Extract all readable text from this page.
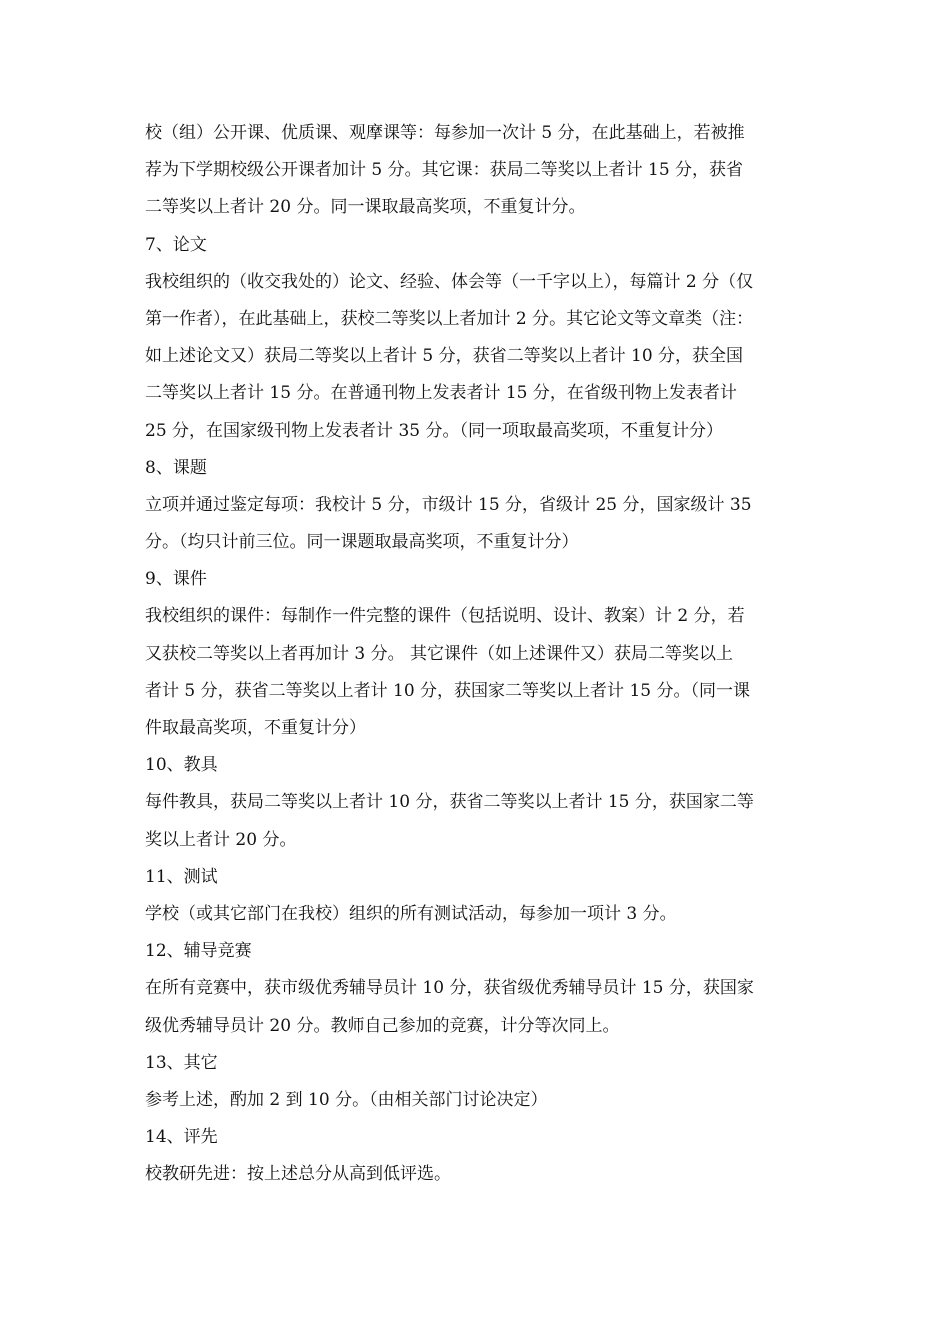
校（组）公开课、优质课、观摩课等：每参加一次计 5 分，在此基础上，若被推
荐为下学期校级公开课者加计 5 分。其它课：获局二等奖以上者计 15 分，获省
二等奖以上者计 20 分。同一课取最高奖项，不重复计分。
7、论文
我校组织的（收交我处的）论文、经验、体会等（一千字以上），每篇计 2 分（仅
第一作者），在此基础上，获校二等奖以上者加计 2 分。其它论文等文章类（注：
如上述论文又）获局二等奖以上者计 5 分，获省二等奖以上者计 10 分，获全国
二等奖以上者计 15 分。在普通刊物上发表者计 15 分，在省级刊物上发表者计
25 分，在国家级刊物上发表者计 35 分。（同一项取最高奖项，不重复计分）
8、课题
立项并通过鉴定每项：我校计 5 分，市级计 15 分，省级计 25 分，国家级计 35
分。（均只计前三位。同一课题取最高奖项，不重复计分）
9、课件
我校组织的课件：每制作一件完整的课件（包括说明、设计、教案）计 2 分，若
又获校二等奖以上者再加计 3 分。 其它课件（如上述课件又）获局二等奖以上
者计 5 分，获省二等奖以上者计 10 分，获国家二等奖以上者计 15 分。（同一课
件取最高奖项，不重复计分）
10、教具
每件教具，获局二等奖以上者计 10 分，获省二等奖以上者计 15 分，获国家二等
奖以上者计 20 分。
11、测试
学校（或其它部门在我校）组织的所有测试活动，每参加一项计 3 分。
12、辅导竞赛
在所有竞赛中，获市级优秀辅导员计 10 分，获省级优秀辅导员计 15 分，获国家
级优秀辅导员计 20 分。教师自己参加的竞赛，计分等次同上。
13、其它
参考上述，酌加 2 到 10 分。（由相关部门讨论决定）
14、评先
校教研先进：按上述总分从高到低评选。
